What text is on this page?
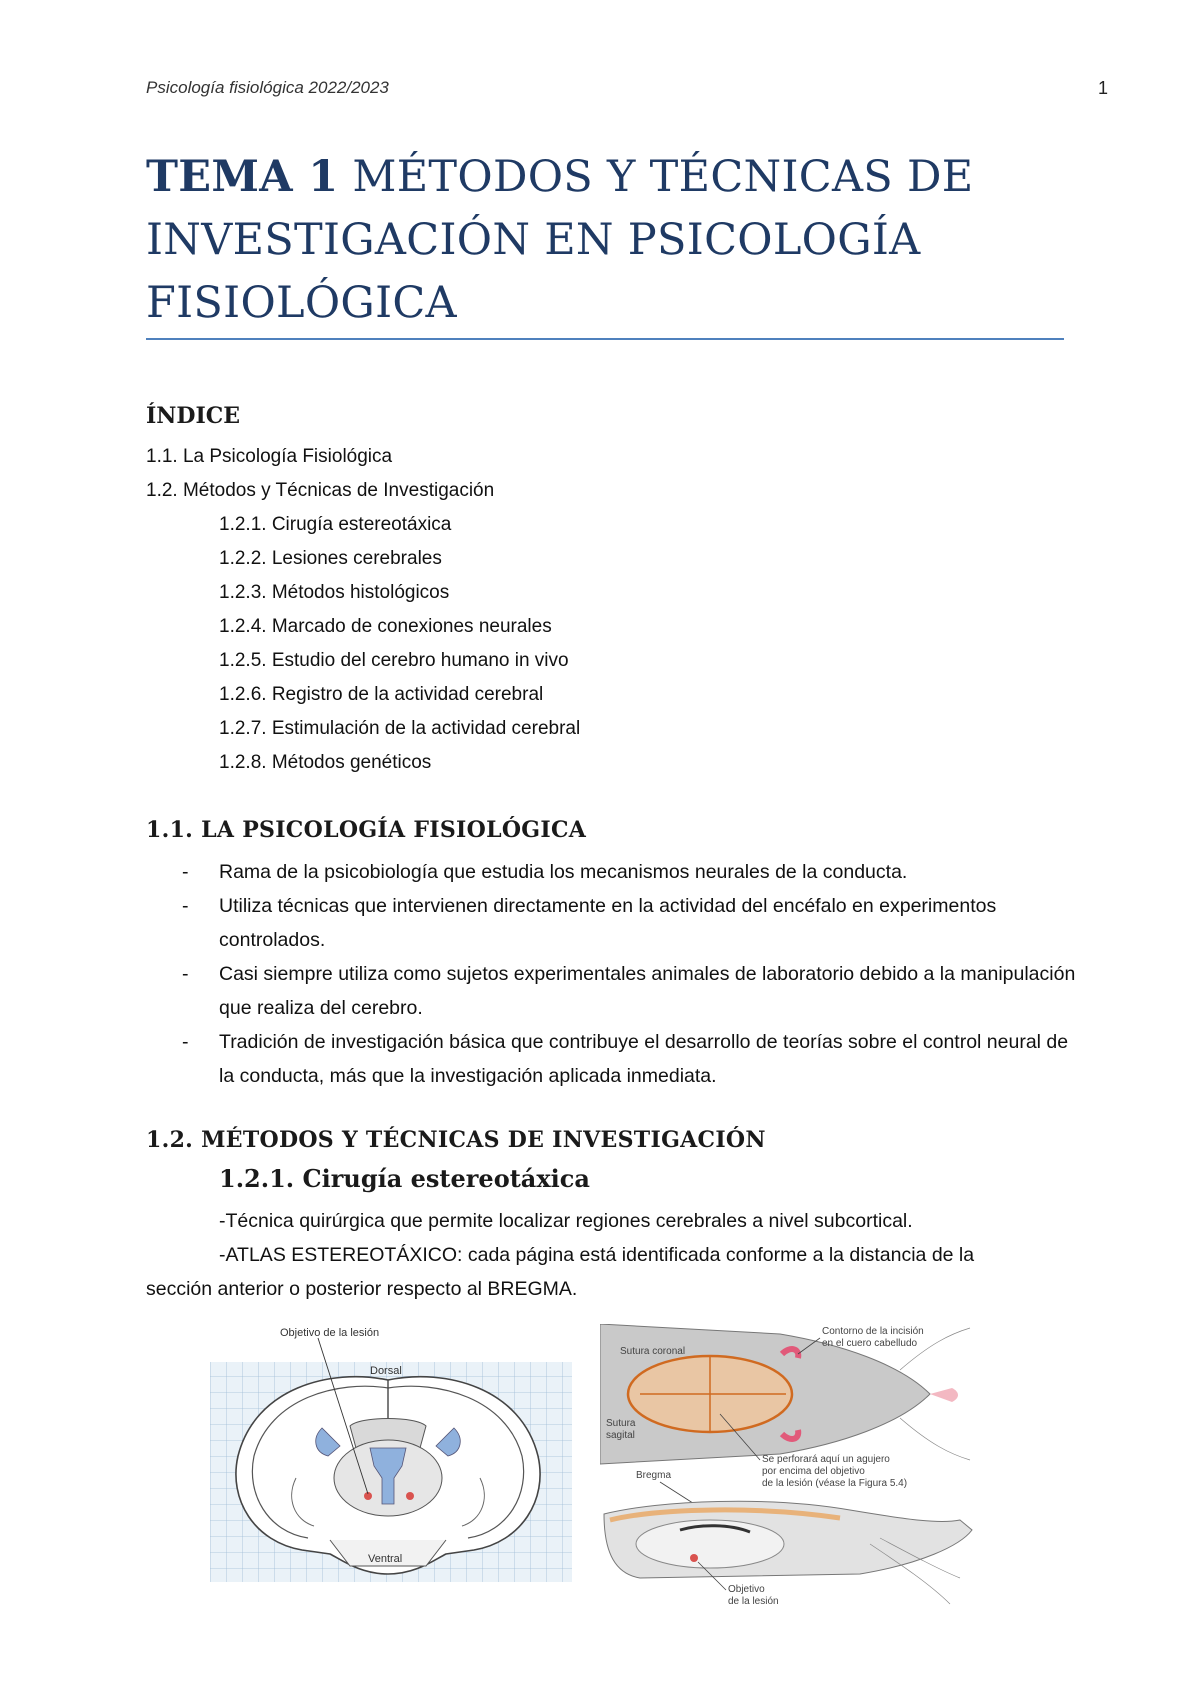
Psicología fisiológica 2022/2023	1
TEMA 1 MÉTODOS Y TÉCNICAS DE INVESTIGACIÓN EN PSICOLOGÍA FISIOLÓGICA
ÍNDICE
1.1. La Psicología Fisiológica
1.2. Métodos y Técnicas de Investigación
1.2.1. Cirugía estereotáxica
1.2.2. Lesiones cerebrales
1.2.3. Métodos histológicos
1.2.4. Marcado de conexiones neurales
1.2.5. Estudio del cerebro humano in vivo
1.2.6. Registro de la actividad cerebral
1.2.7. Estimulación de la actividad cerebral
1.2.8. Métodos genéticos
1.1. LA PSICOLOGÍA FISIOLÓGICA
- Rama de la psicobiología que estudia los mecanismos neurales de la conducta.
- Utiliza técnicas que intervienen directamente en la actividad del encéfalo en experimentos controlados.
- Casi siempre utiliza como sujetos experimentales animales de laboratorio debido a la manipulación que realiza del cerebro.
- Tradición de investigación básica que contribuye el desarrollo de teorías sobre el control neural de la conducta, más que la investigación aplicada inmediata.
1.2. MÉTODOS Y TÉCNICAS DE INVESTIGACIÓN
1.2.1. Cirugía estereotáxica

-Técnica quirúrgica que permite localizar regiones cerebrales a nivel subcortical.

-ATLAS ESTEREOTÁXICO: cada página está identificada conforme a la distancia de la
sección anterior o posterior respecto al BREGMA.

Objetivo de la lesión
Dorsal
Ventral
Sutura coronal
Sutura
sagital
Contorno de la incisión
en el cuero cabelludo
Se perforará aquí un agujero
por encima del objetivo
de la lesión (véase la Figura 5.4)
Bregma
Objetivo
de la lesión
